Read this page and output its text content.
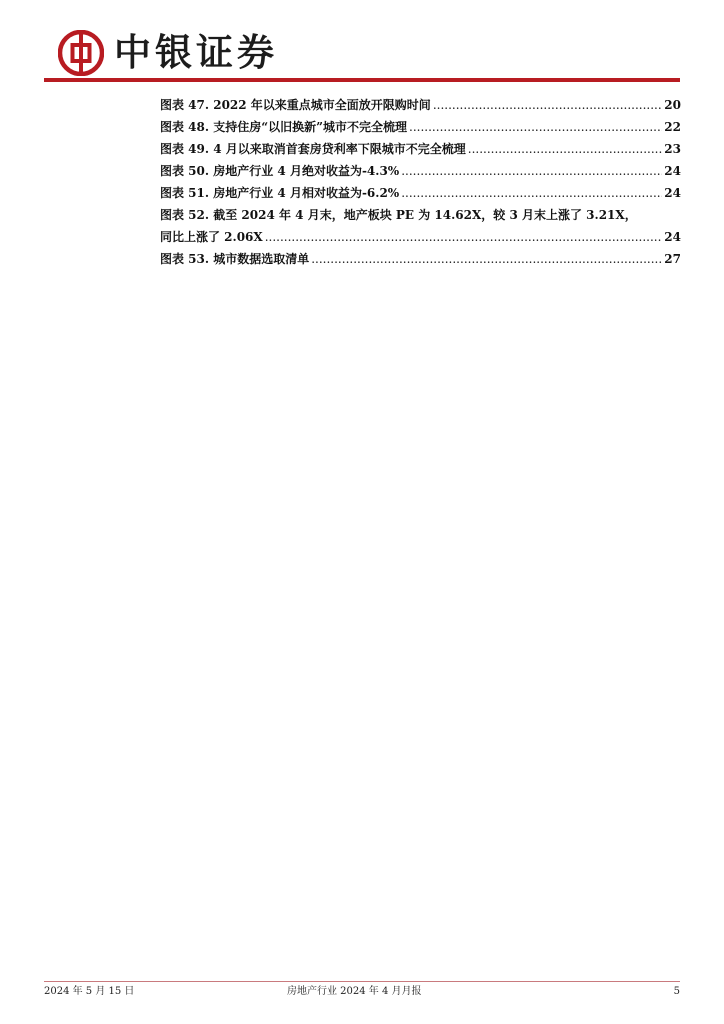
中银证券
图表 47. 2022 年以来重点城市全面放开限购时间 .....	20
图表 48. 支持住房“以旧换新”城市不完全梳理 .....	22
图表 49. 4 月以来取消首套房贷利率下限城市不完全梳理 .....	23
图表 50. 房地产行业 4 月绝对收益为-4.3% .....	24
图表 51. 房地产行业 4 月相对收益为-6.2% .....	24
图表 52. 截至 2024 年 4 月末，地产板块 PE 为 14.62X，较 3 月末上涨了 3.21X，
同比上涨了 2.06X .....	24
图表 53. 城市数据选取清单 .....	27
2024 年 5 月 15 日	房地产行业 2024 年 4 月月报	5
